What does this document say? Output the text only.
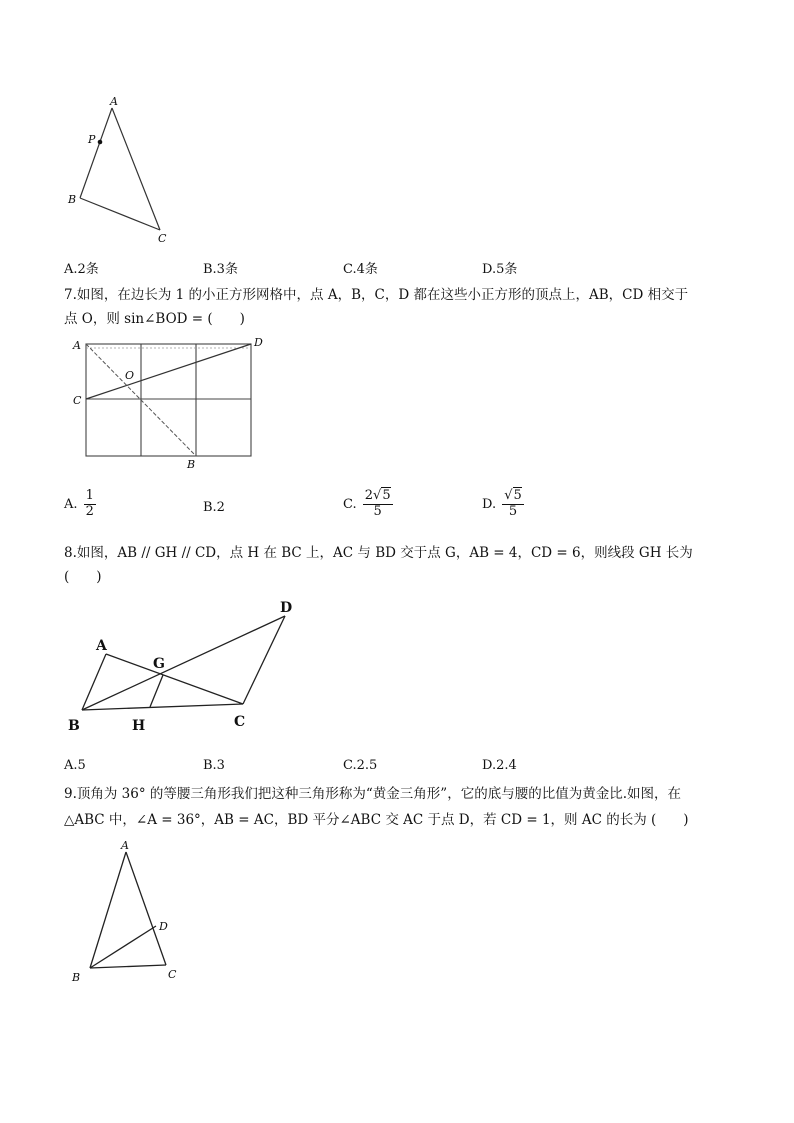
A
P
B
C
A.2条	B.3条	C.4条	D.5条
7.如图，在边长为 1 的小正方形网格中，点 A，B，C，D 都在这些小正方形的顶点上，AB，CD 相交于
点 O，则 sin∠BOD = (　　)
A	D
O
C
B
A. $\frac{1}{2}$	B.2	C. $\frac{2√5}{5}$	D. $\frac{√5}{5}$
8.如图，AB // GH // CD，点 H 在 BC 上，AC 与 BD 交于点 G，AB = 4，CD = 6，则线段 GH 长为
(　　)
A
G
D
B	H	C
A.5	B.3	C.2.5	D.2.4
9.顶角为 36° 的等腰三角形我们把这种三角形称为“黄金三角形”，它的底与腰的比值为黄金比.如图，在
△ABC 中，∠A = 36°，AB = AC，BD 平分∠ABC 交 AC 于点 D，若 CD = 1，则 AC 的长为 (　　)
A
D
B	C
